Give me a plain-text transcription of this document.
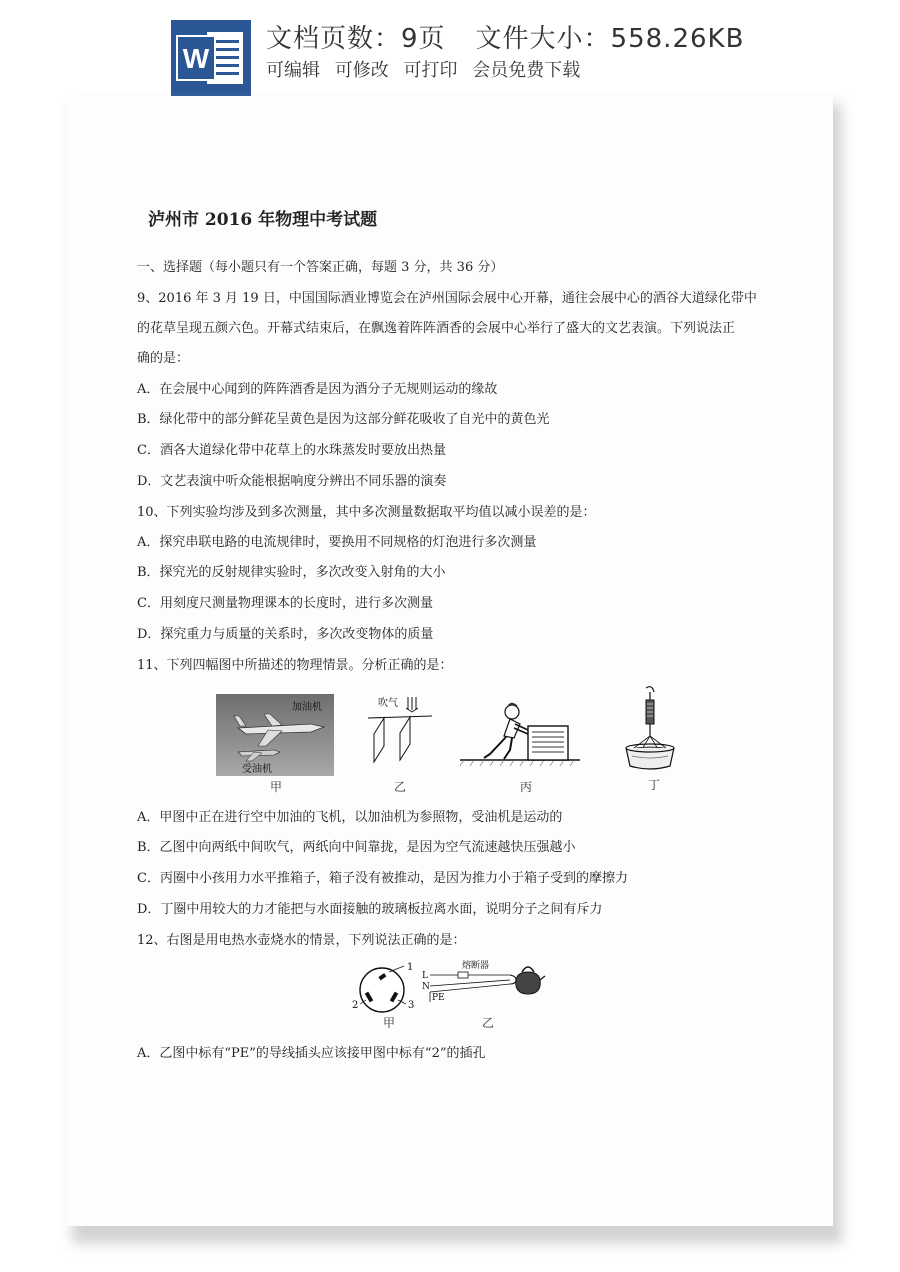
W
文档页数：9页 文件大小：558.26KB
可编辑 可修改 可打印 会员免费下载
泸州市 2016 年物理中考试题
一、选择题（每小题只有一个答案正确，每题 3 分，共 36 分）
9、2016 年 3 月 19 日，中国国际酒业博览会在泸州国际会展中心开幕，通往会展中心的酒谷大道绿化带中
的花草呈现五颜六色。开幕式结束后，在飘逸着阵阵酒香的会展中心举行了盛大的文艺表演。下列说法正
确的是：
A．在会展中心闻到的阵阵酒香是因为酒分子无规则运动的缘故
B．绿化带中的部分鲜花呈黄色是因为这部分鲜花吸收了自光中的黄色光
C．酒各大道绿化带中花草上的水珠蒸发时要放出热量
D．文艺表演中听众能根据响度分辨出不同乐器的演奏
10、下列实验均涉及到多次测量，其中多次测量数据取平均值以减小误差的是：
A．探究串联电路的电流规律时，要换用不同规格的灯泡进行多次测量
B．探究光的反射规律实验时，多次改变入射角的大小
C．用刻度尺测量物理课本的长度时，进行多次测量
D．探究重力与质量的关系时，多次改变物体的质量
11、下列四幅图中所描述的物理情景。分析正确的是：
加油机
受油机
甲
吹气
乙	丙	丁
A．甲图中正在进行空中加油的飞机，以加油机为参照物，受油机是运动的
B．乙图中向两纸中间吹气，两纸向中间靠拢，是因为空气流速越快压强越小
C．丙圈中小孩用力水平推箱子，箱子没有被推动，是因为推力小于箱子受到的摩擦力
D．丁圈中用较大的力才能把与水面接触的玻璃板拉离水面，说明分子之间有斥力
12、右图是用电热水壶烧水的情景，下列说法正确的是：
1
2	3
甲
L
N
PE
熔断器
乙
A．乙图中标有“PE”的导线插头应该接甲图中标有“2”的插孔
